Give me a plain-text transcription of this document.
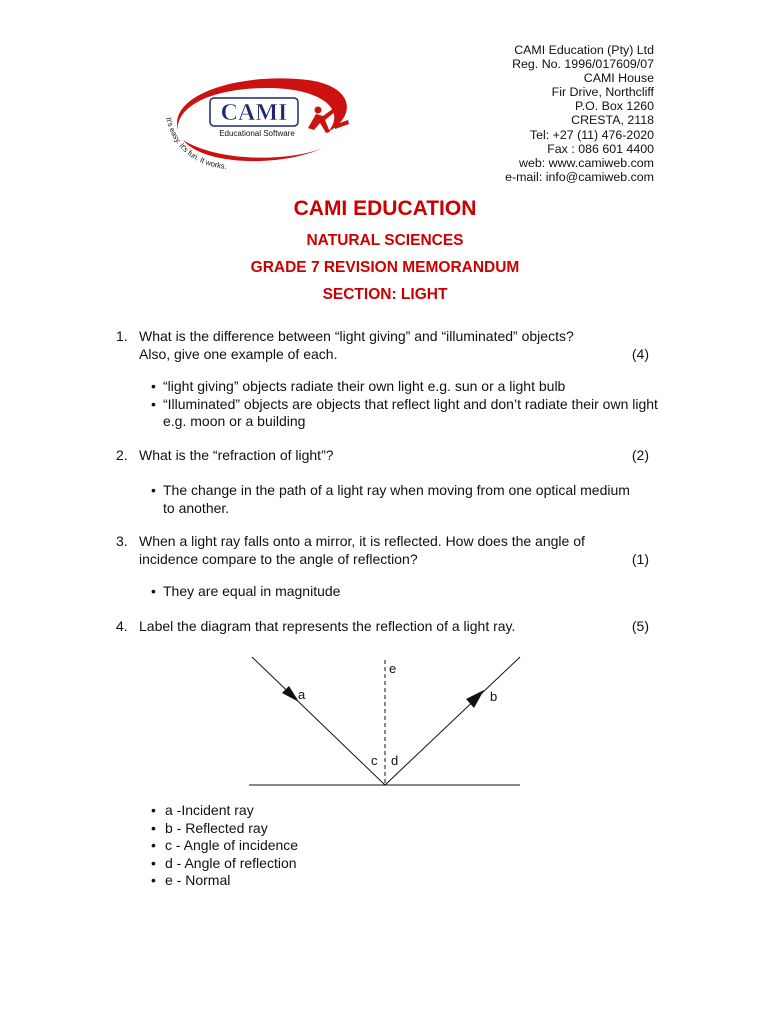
CAMI Education (Pty) Ltd
Reg. No. 1996/017609/07
CAMI House
Fir Drive, Northcliff
P.O. Box 1260
CRESTA, 2118
Tel: +27 (11) 476-2020
Fax : 086 601 4400
web: www.camiweb.com
e-mail: info@camiweb.com
CAMI
Educational Software
It's easy. It's fun. It works.
CAMI EDUCATION
NATURAL SCIENCES
GRADE 7 REVISION MEMORANDUM
SECTION: LIGHT
1. What is the difference between “light giving” and “illuminated” objects?
Also, give one example of each.	(4)
• “light giving” objects radiate their own light e.g. sun or a light bulb
• “Illuminated” objects are objects that reflect light and don’t radiate their own light e.g. moon or a building
2. What is the “refraction of light”?	(2)
• The change in the path of a light ray when moving from one optical medium to another.
3. When a light ray falls onto a mirror, it is reflected. How does the angle of
incidence compare to the angle of reflection?	(1)
• They are equal in magnitude
4. Label the diagram that represents the reflection of a light ray.	(5)
a	b
c d
e
• a -Incident ray
• b - Reflected ray
• c - Angle of incidence
• d - Angle of reflection
• e - Normal
